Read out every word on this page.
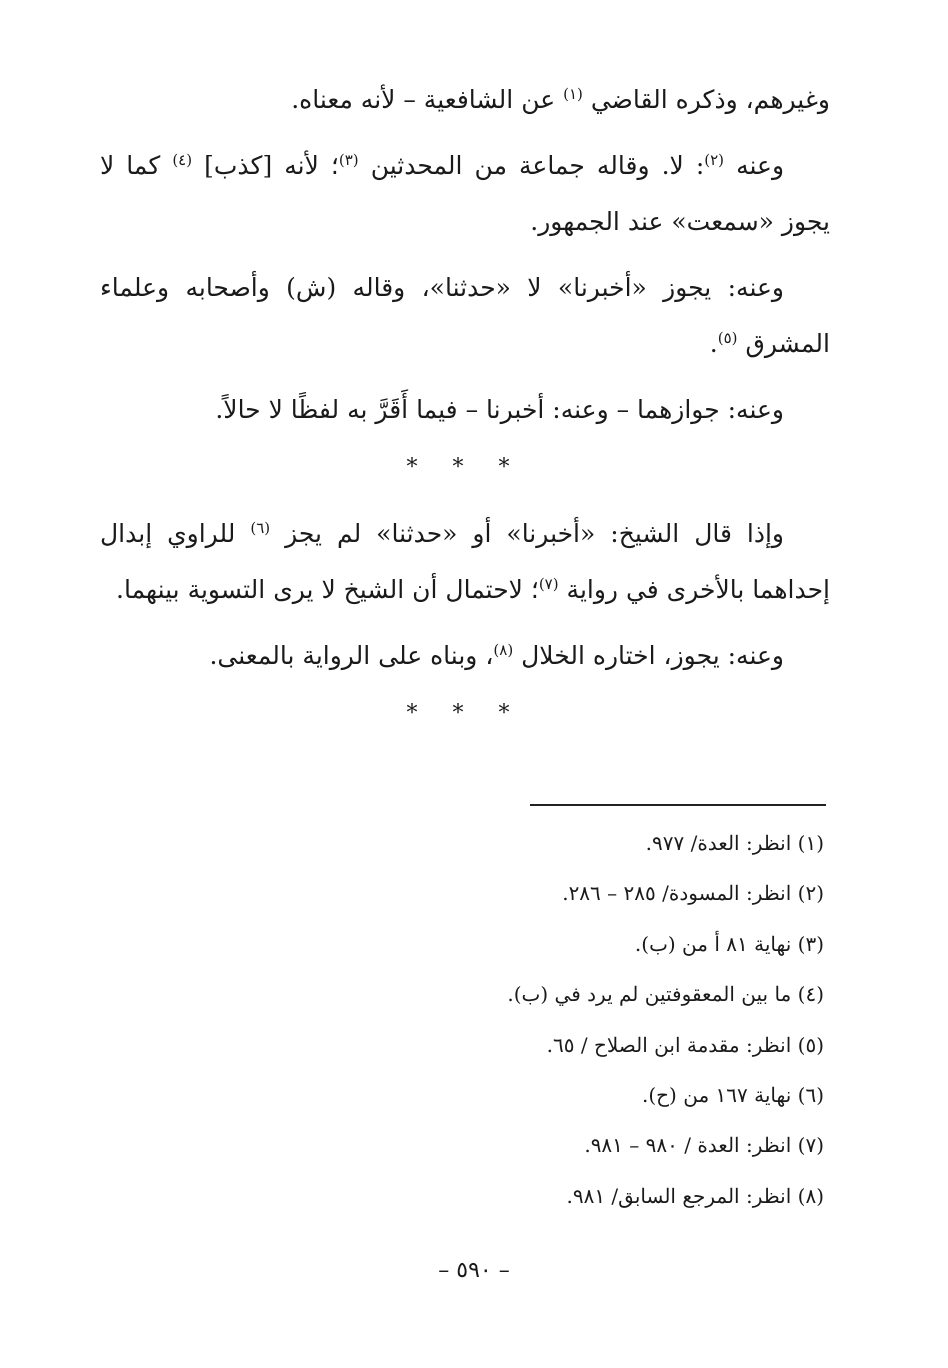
وغيرهم، وذكره القاضي $^{(١)}$ عن الشافعية – لأنه معناه.

وعنه $^{(٢)}$: لا. وقاله جماعة من المحدثين $^{(٣)}$؛ لأنه [كذب] $^{(٤)}$ كما لا يجوز «سمعت» عند الجمهور.

وعنه: يجوز «أخبرنا» لا «حدثنا»، وقاله (ش) وأصحابه وعلماء المشرق $^{(٥)}$.

وعنه: جوازهما – وعنه: أخبرنا – فيما أَقَرَّ به لفظًا لا حالاً.

* * *

وإذا قال الشيخ: «أخبرنا» أو «حدثنا» لم يجز $^{(٦)}$ للراوي إبدال إحداهما بالأخرى في رواية $^{(٧)}$؛ لاحتمال أن الشيخ لا يرى التسوية بينهما.

وعنه: يجوز، اختاره الخلال $^{(٨)}$، وبناه على الرواية بالمعنى.

* * *
(١) انظر: العدة/ ٩٧٧.
(٢) انظر: المسودة/ ٢٨٥ – ٢٨٦.
(٣) نهاية ٨١ أ من (ب).
(٤) ما بين المعقوفتين لم يرد في (ب).
(٥) انظر: مقدمة ابن الصلاح / ٦٥.
(٦) نهاية ١٦٧ من (ح).
(٧) انظر: العدة / ٩٨٠ – ٩٨١.
(٨) انظر: المرجع السابق/ ٩٨١.
– ٥٩٠ –
